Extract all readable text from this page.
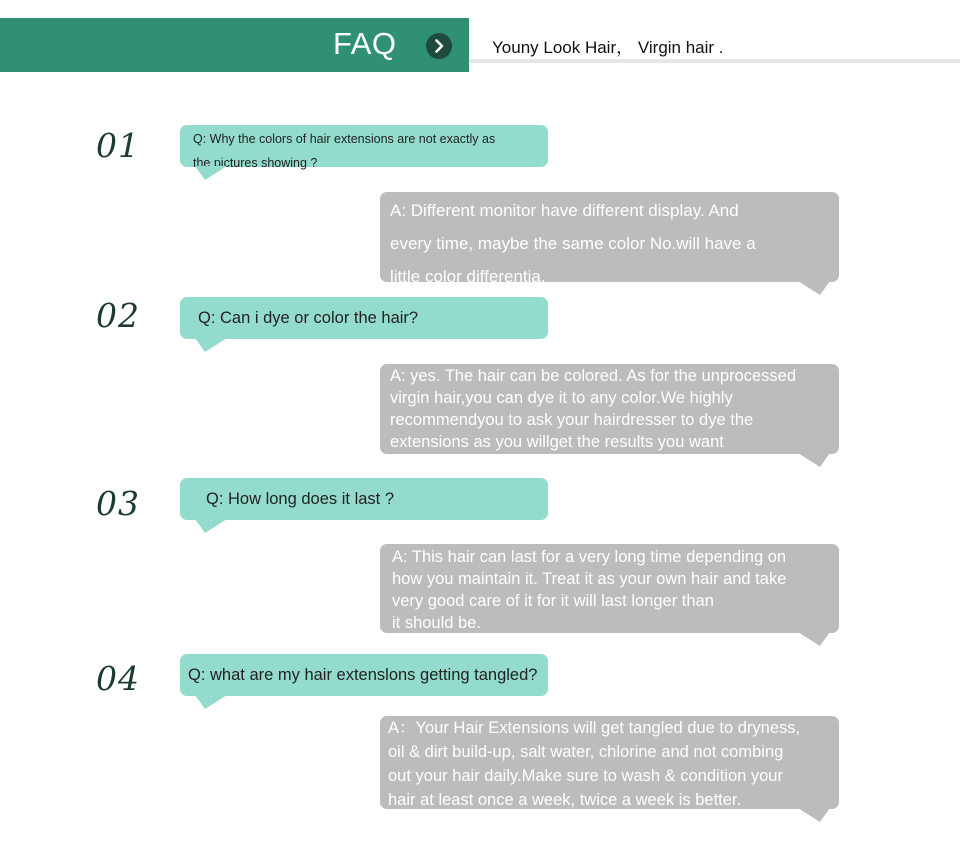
FAQ	Youny Look Hair， Virgin hair .
01	Q: Why the colors of hair extensions are not exactly as
the pictures showing ?
A: Different monitor have different display. And
every time, maybe the same color No.will have a
little color differentia.
02	Q: Can i dye or color the hair?
A: yes. The hair can be colored. As for the unprocessed
virgin hair,you can dye it to any color.We highly
recommendyou to ask your hairdresser to dye the
extensions as you willget the results you want
03	Q: How long does it last ?
A: This hair can last for a very long time depending on
how you maintain it. Treat it as your own hair and take
very good care of it for it will last longer than
it should be.
04	Q: what are my hair extenslons getting tangled?
A：Your Hair Extensions will get tangled due to dryness,
oil & dirt build-up, salt water, chlorine and not combing
out your hair daily.Make sure to wash & condition your
hair at least once a week, twice a week is better.
